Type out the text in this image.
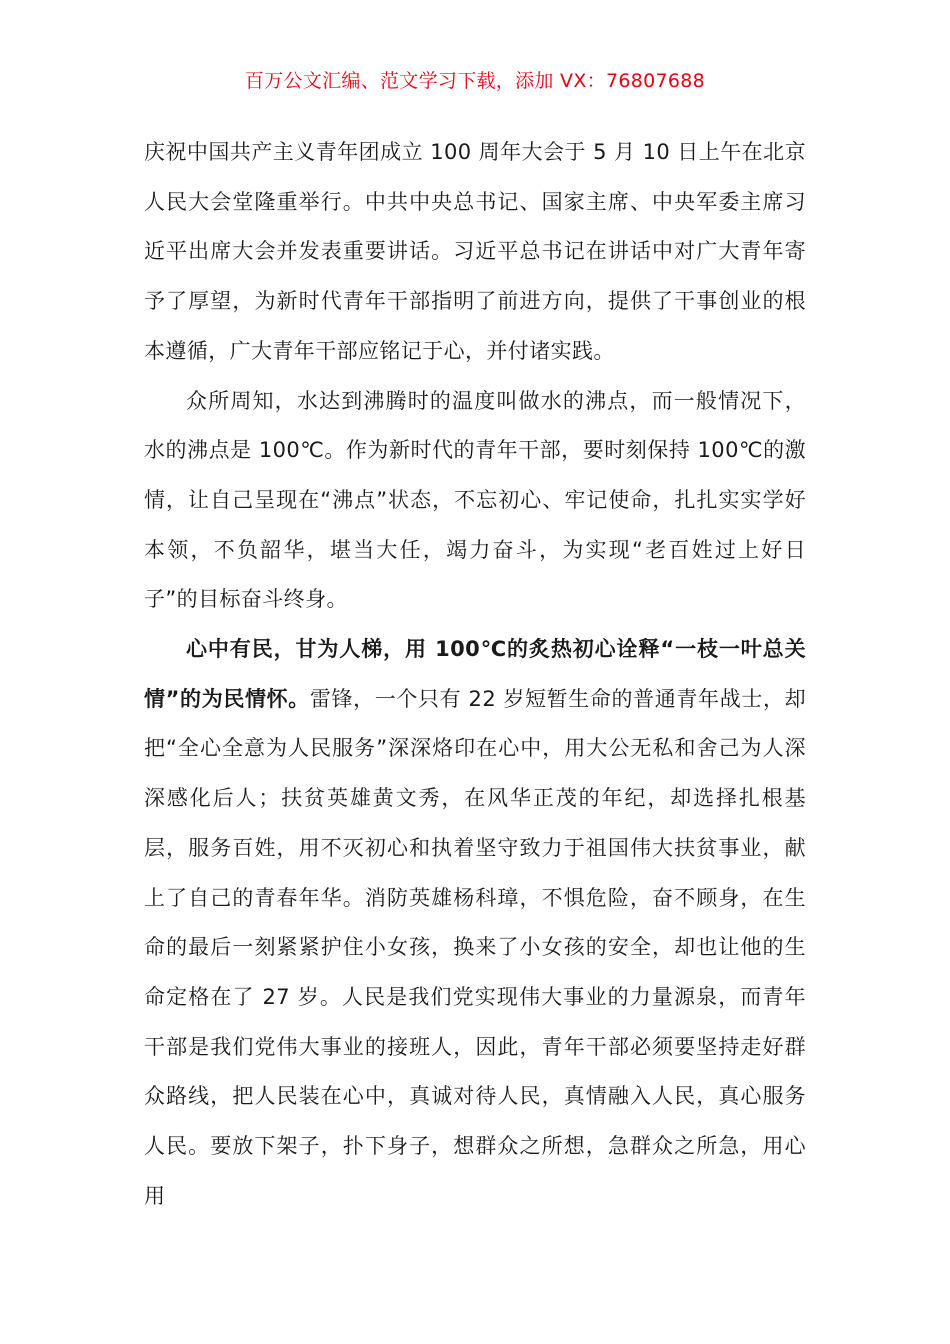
百万公文汇编、范文学习下载，添加 VX：76807688

庆祝中国共产主义青年团成立 100 周年大会于 5 月 10 日上午在北京人民大会堂隆重举行。中共中央总书记、国家主席、中央军委主席习近平出席大会并发表重要讲话。习近平总书记在讲话中对广大青年寄予了厚望，为新时代青年干部指明了前进方向，提供了干事创业的根本遵循，广大青年干部应铭记于心，并付诸实践。

众所周知，水达到沸腾时的温度叫做水的沸点，而一般情况下，水的沸点是 100℃。作为新时代的青年干部，要时刻保持 100℃的激情，让自己呈现在“沸点”状态，不忘初心、牢记使命，扎扎实实学好本领，不负韶华，堪当大任，竭力奋斗，为实现“老百姓过上好日子”的目标奋斗终身。

心中有民，甘为人梯，用 100℃的炙热初心诠释“一枝一叶总关情”的为民情怀。雷锋，一个只有 22 岁短暂生命的普通青年战士，却把“全心全意为人民服务”深深烙印在心中，用大公无私和舍己为人深深感化后人；扶贫英雄黄文秀，在风华正茂的年纪，却选择扎根基层，服务百姓，用不灭初心和执着坚守致力于祖国伟大扶贫事业，献上了自己的青春年华。消防英雄杨科璋，不惧危险，奋不顾身，在生命的最后一刻紧紧护住小女孩，换来了小女孩的安全，却也让他的生命定格在了 27 岁。人民是我们党实现伟大事业的力量源泉，而青年干部是我们党伟大事业的接班人，因此，青年干部必须要坚持走好群众路线，把人民装在心中，真诚对待人民，真情融入人民，真心服务人民。要放下架子，扑下身子，想群众之所想，急群众之所急，用心用
